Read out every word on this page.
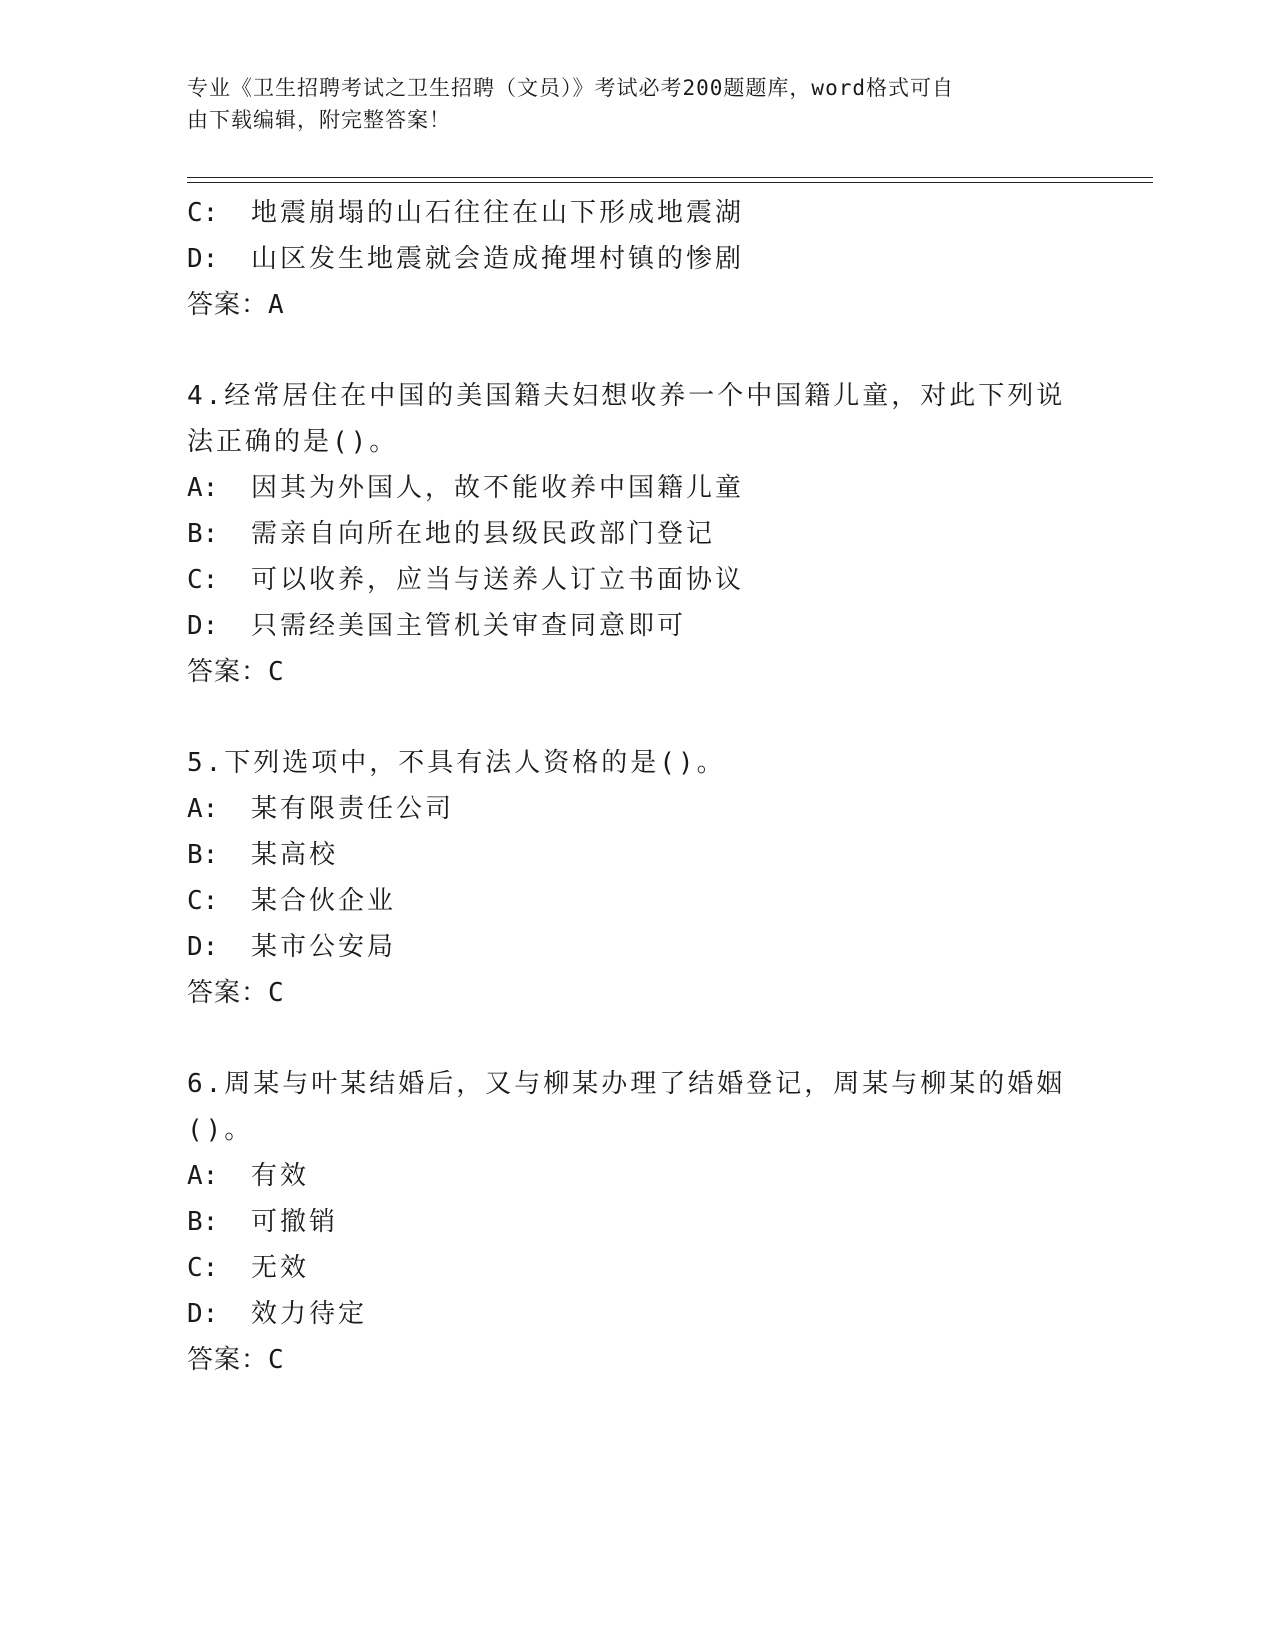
专业《卫生招聘考试之卫生招聘（文员）》考试必考200题题库，word格式可自
由下载编辑，附完整答案！
C: 地震崩塌的山石往往在山下形成地震湖
D: 山区发生地震就会造成掩埋村镇的惨剧
答案：A
4.经常居住在中国的美国籍夫妇想收养一个中国籍儿童，对此下列说
法正确的是()。
A: 因其为外国人，故不能收养中国籍儿童
B: 需亲自向所在地的县级民政部门登记
C: 可以收养，应当与送养人订立书面协议
D: 只需经美国主管机关审查同意即可
答案：C
5.下列选项中，不具有法人资格的是()。
A: 某有限责任公司
B: 某高校
C: 某合伙企业
D: 某市公安局
答案：C
6.周某与叶某结婚后，又与柳某办理了结婚登记，周某与柳某的婚姻
()。
A: 有效
B: 可撤销
C: 无效
D: 效力待定
答案：C
